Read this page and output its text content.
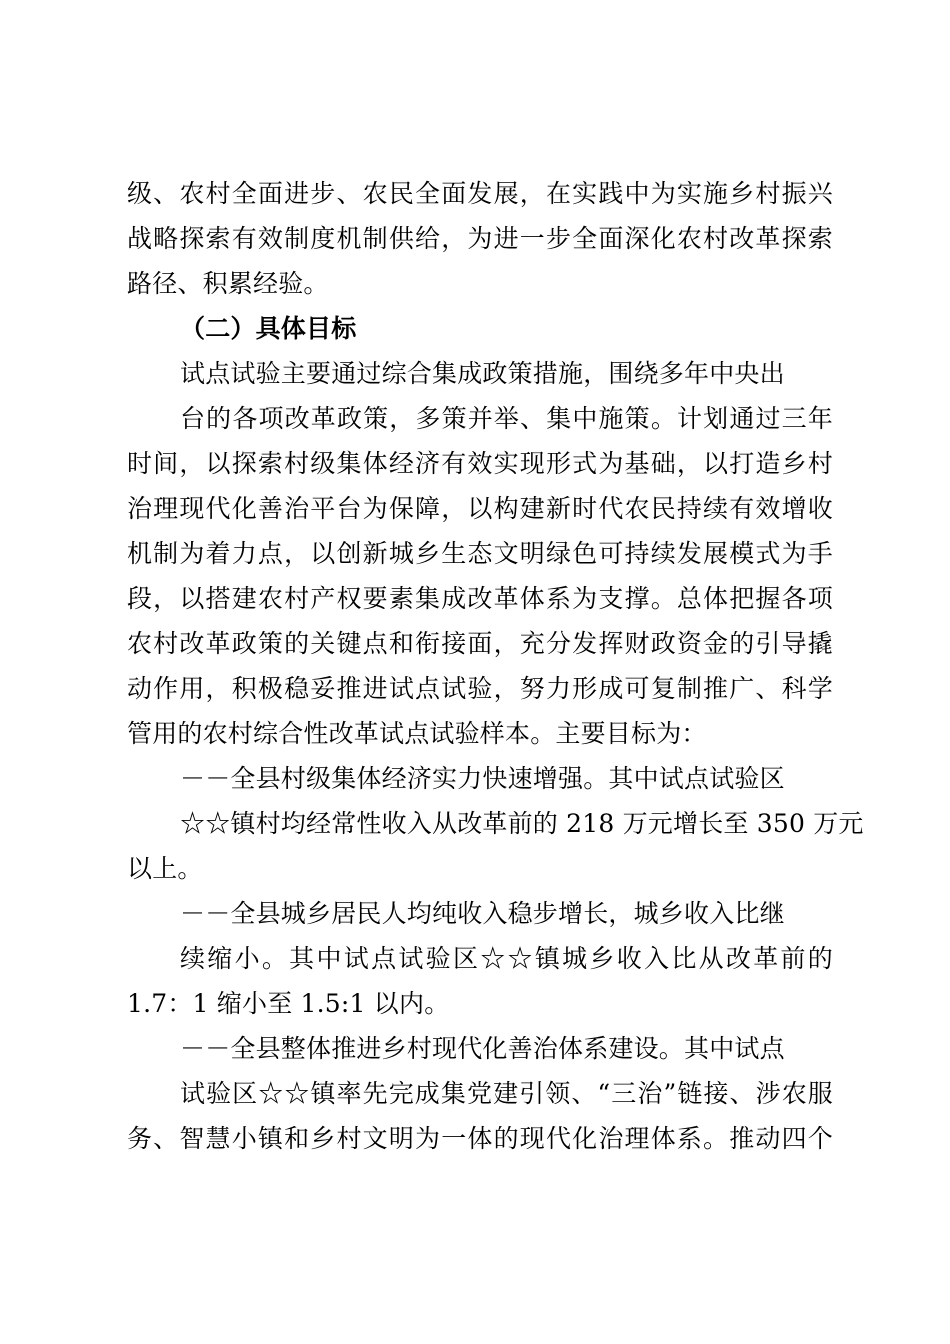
级、农村全面进步、农民全面发展，在实践中为实施乡村振兴
战略探索有效制度机制供给，为进一步全面深化农村改革探索
路径、积累经验。
（二）具体目标
试点试验主要通过综合集成政策措施，围绕多年中央出
台的各项改革政策，多策并举、集中施策。计划通过三年
时间，以探索村级集体经济有效实现形式为基础，以打造乡村
治理现代化善治平台为保障，以构建新时代农民持续有效增收
机制为着力点，以创新城乡生态文明绿色可持续发展模式为手
段，以搭建农村产权要素集成改革体系为支撑。总体把握各项
农村改革政策的关键点和衔接面，充分发挥财政资金的引导撬
动作用，积极稳妥推进试点试验，努力形成可复制推广、科学
管用的农村综合性改革试点试验样本。主要目标为：
－－全县村级集体经济实力快速增强。其中试点试验区
☆☆镇村均经常性收入从改革前的 218 万元增长至 350 万元
以上。
－－全县城乡居民人均纯收入稳步增长，城乡收入比继
续缩小。其中试点试验区☆☆镇城乡收入比从改革前的
1.7：1 缩小至 1.5:1 以内。
－－全县整体推进乡村现代化善治体系建设。其中试点
试验区☆☆镇率先完成集党建引领、“三治”链接、涉农服
务、智慧小镇和乡村文明为一体的现代化治理体系。推动四个
